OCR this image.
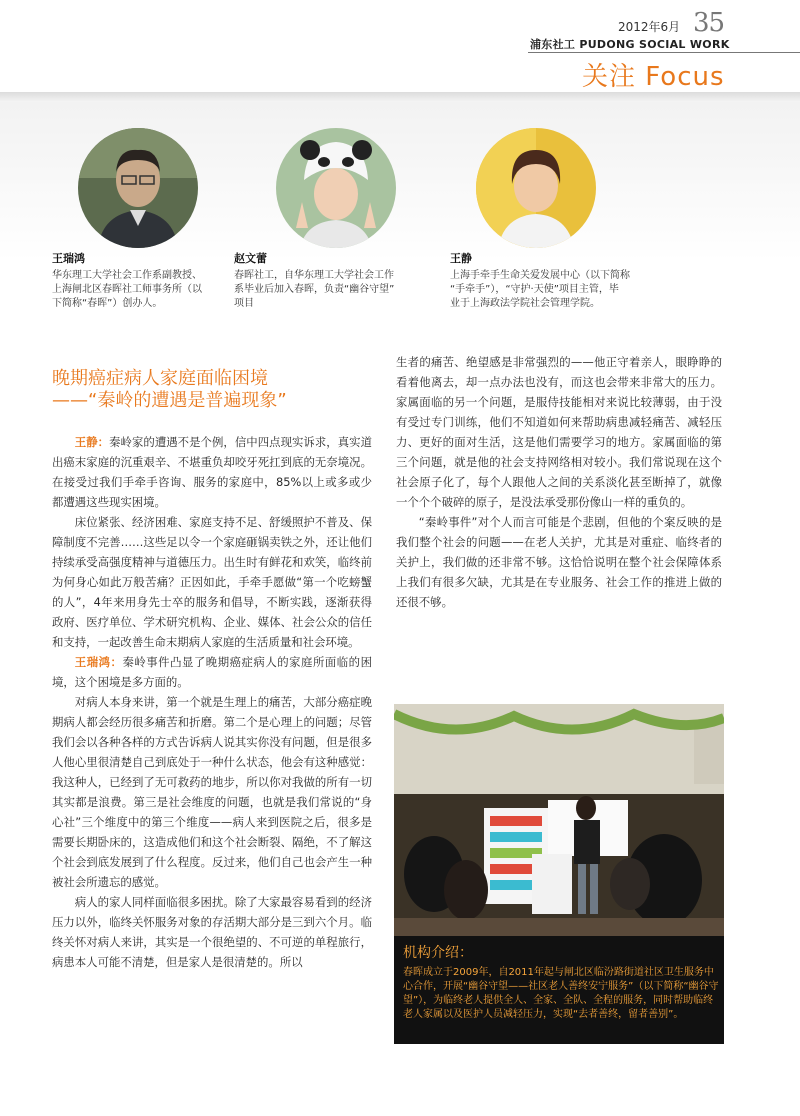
2012年6月 35
浦东社工 PUDONG SOCIAL WORK
关注 Focus
王瑞鸿
华东理工大学社会工作系副教授、
上海闸北区春晖社工师事务所（以
下简称“春晖”）创办人。
赵文蕾
春晖社工，自华东理工大学社会工作
系毕业后加入春晖，负责“幽谷守望”
项目
王静
上海手牵手生命关爱发展中心（以下简称
“手牵手”），“守护·天使”项目主管，毕
业于上海政法学院社会管理学院。
晚期癌症病人家庭面临困境
——“秦岭的遭遇是普遍现象”

王静：秦岭家的遭遇不是个例，信中四点现实诉求，真实道出癌末家庭的沉重艰辛、不堪重负却咬牙死扛到底的无奈境况。在接受过我们手牵手咨询、服务的家庭中，85%以上或多或少都遭遇这些现实困境。

床位紧张、经济困难、家庭支持不足、舒缓照护不普及、保障制度不完善……这些足以令一个家庭砸锅卖铁之外，还让他们持续承受高强度精神与道德压力。出生时有鲜花和欢笑，临终前为何身心如此万般苦痛？正因如此，手牵手愿做“第一个吃螃蟹的人”，4年来用身先士卒的服务和倡导，不断实践，逐渐获得政府、医疗单位、学术研究机构、企业、媒体、社会公众的信任和支持，一起改善生命末期病人家庭的生活质量和社会环境。

王瑞鸿：秦岭事件凸显了晚期癌症病人的家庭所面临的困境，这个困境是多方面的。

对病人本身来讲，第一个就是生理上的痛苦，大部分癌症晚期病人都会经历很多痛苦和折磨。第二个是心理上的问题；尽管我们会以各种各样的方式告诉病人说其实你没有问题，但是很多人他心里很清楚自己到底处于一种什么状态，他会有这种感觉：我这种人，已经到了无可救药的地步，所以你对我做的所有一切其实都是浪费。第三是社会维度的问题，也就是我们常说的“身心社”三个维度中的第三个维度——病人来到医院之后，很多是需要长期卧床的，这造成他们和这个社会断裂、隔绝，不了解这个社会到底发展到了什么程度。反过来，他们自己也会产生一种被社会所遗忘的感觉。

病人的家人同样面临很多困扰。除了大家最容易看到的经济压力以外，临终关怀服务对象的存活期大部分是三到六个月。临终关怀对病人来讲，其实是一个很绝望的、不可逆的单程旅行，病患本人可能不清楚，但是家人是很清楚的。所以

生者的痛苦、绝望感是非常强烈的——他正守着亲人，眼睁睁的看着他离去，却一点办法也没有，而这也会带来非常大的压力。家属面临的另一个问题，是服侍技能相对来说比较薄弱，由于没有受过专门训练，他们不知道如何来帮助病患减轻痛苦、减轻压力、更好的面对生活，这是他们需要学习的地方。家属面临的第三个问题，就是他的社会支持网络相对较小。我们常说现在这个社会原子化了，每个人跟他人之间的关系淡化甚至断掉了，就像一个个个破碎的原子，是没法承受那份像山一样的重负的。

“秦岭事件”对个人而言可能是个悲剧，但他的个案反映的是我们整个社会的问题——在老人关护，尤其是对重症、临终者的关护上，我们做的还非常不够。这恰恰说明在整个社会保障体系上我们有很多欠缺，尤其是在专业服务、社会工作的推进上做的还很不够。

机构介绍：
春晖成立于2009年，自2011年起与闸北区临汾路街道社区卫生服务中心合作，开展“幽谷守望——社区老人善终安宁服务”（以下简称“幽谷守望”），为临终老人提供全人、全家、全队、全程的服务，同时帮助临终老人家属以及医护人员减轻压力，实现“去者善终，留者善别”。
